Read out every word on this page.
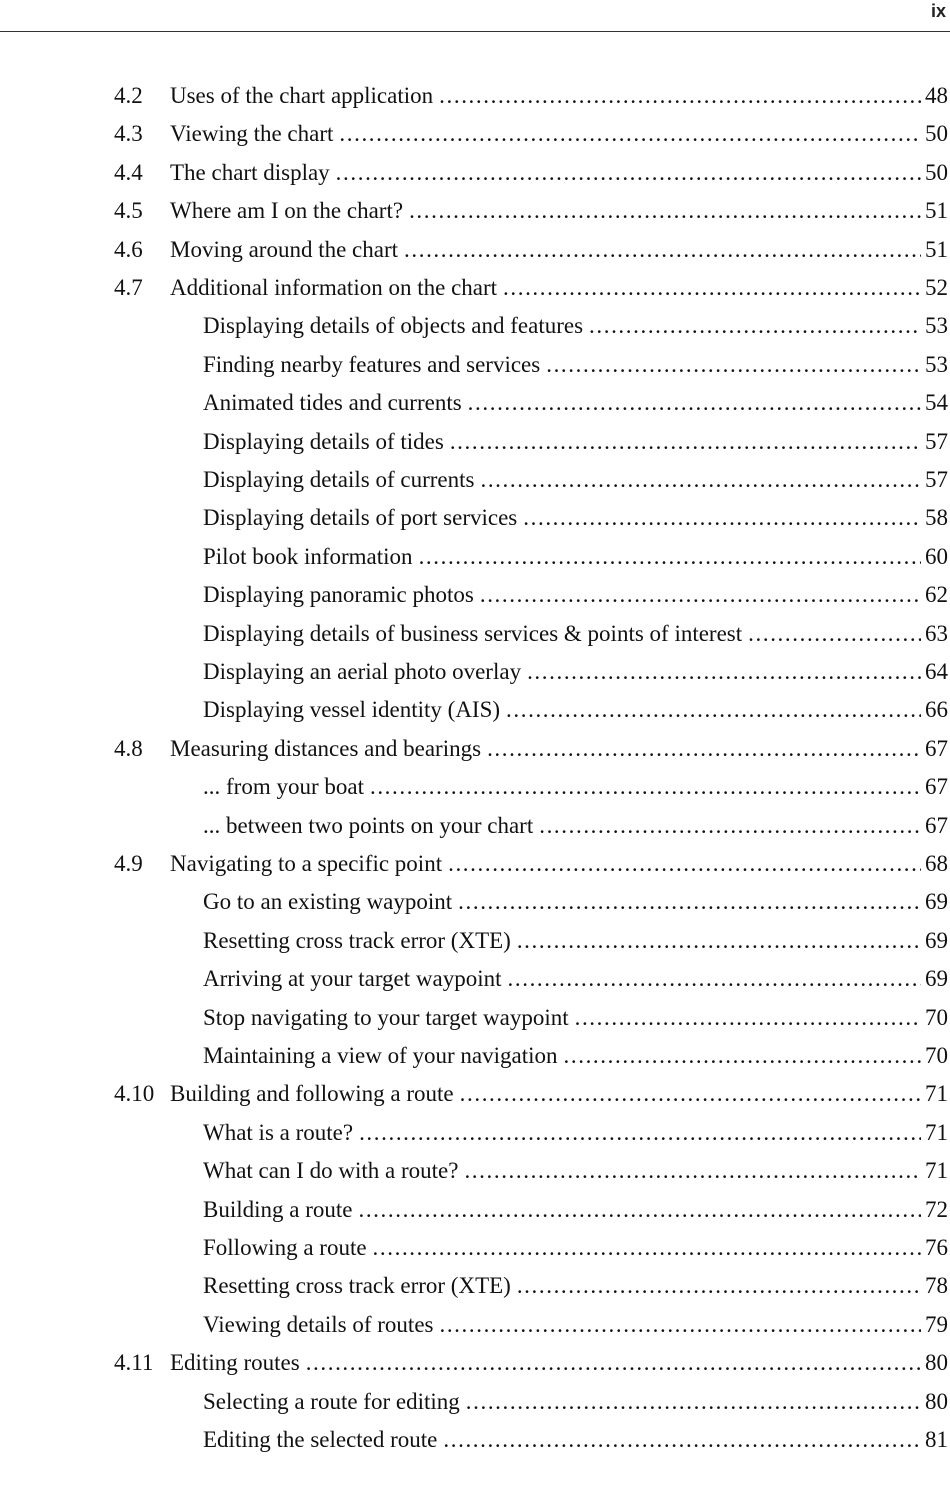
ix
4.2	Uses of the chart application .....	48
4.3	Viewing the chart .....	50
4.4	The chart display .....	50
4.5	Where am I on the chart? .....	51
4.6	Moving around the chart .....	51
4.7	Additional information on the chart .....	52
Displaying details of objects and features .....	53
Finding nearby features and services .....	53
Animated tides and currents .....	54
Displaying details of tides .....	57
Displaying details of currents .....	57
Displaying details of port services .....	58
Pilot book information .....	60
Displaying panoramic photos .....	62
Displaying details of business services & points of interest .....	63
Displaying an aerial photo overlay .....	64
Displaying vessel identity (AIS) .....	66
4.8	Measuring distances and bearings .....	67
... from your boat .....	67
... between two points on your chart .....	67
4.9	Navigating to a specific point .....	68
Go to an existing waypoint .....	69
Resetting cross track error (XTE) .....	69
Arriving at your target waypoint .....	69
Stop navigating to your target waypoint .....	70
Maintaining a view of your navigation .....	70
4.10 Building and following a route .....	71
What is a route? .....	71
What can I do with a route? .....	71
Building a route .....	72
Following a route .....	76
Resetting cross track error (XTE) .....	78
Viewing details of routes .....	79
4.11 Editing routes .....	80
Selecting a route for editing .....	80
Editing the selected route .....	81
